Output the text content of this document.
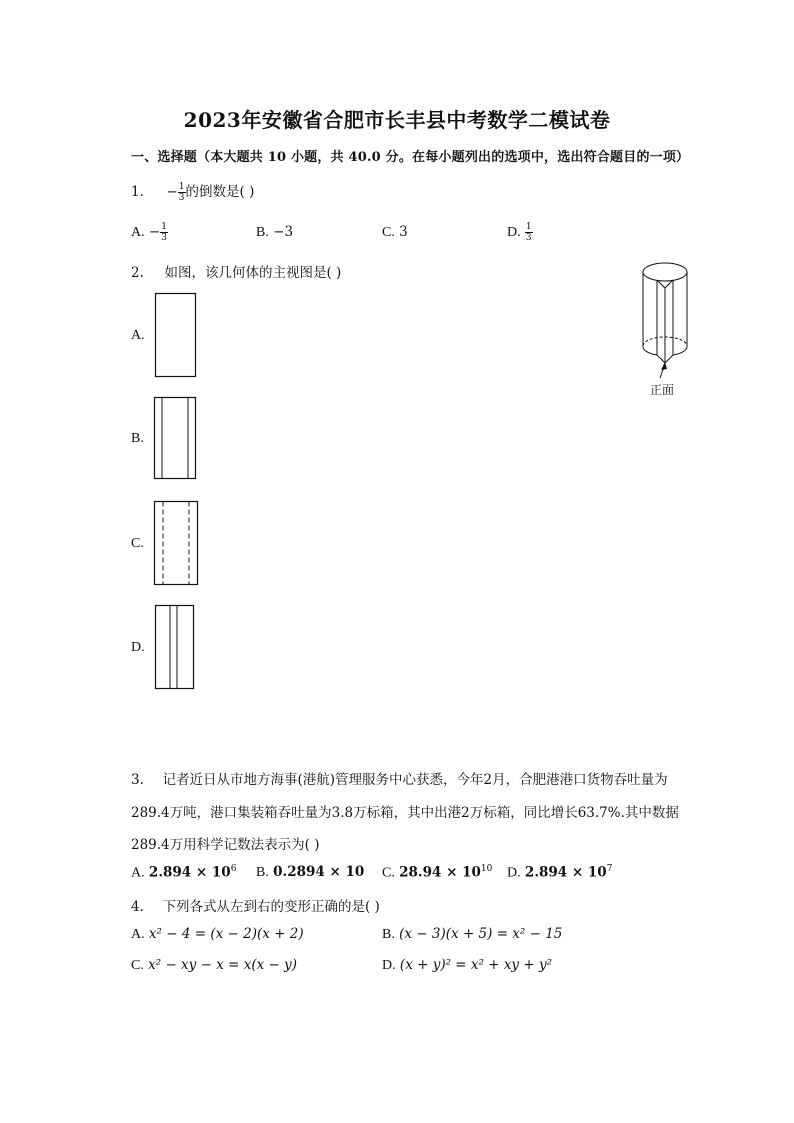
2023年安徽省合肥市长丰县中考数学二模试卷
一、选择题（本大题共 10 小题，共 40.0 分。在每小题列出的选项中，选出符合题目的一项）
1. − $\frac{1}{3}$ 的倒数是( )
A. − $\frac{1}{3}$	B. −3	C. 3	D. $\frac{1}{3}$
2. 如图，该几何体的主视图是( )
正面
A.
B.
C.
D.
3. 记者近日从市地方海事(港航)管理服务中心获悉，今年2月，合肥港港口货物吞吐量为
289.4万吨，港口集装箱吞吐量为3.8万标箱，其中出港2万标箱，同比增长63.7%.其中数据
289.4万用科学记数法表示为( )
A. $2.894 \times 10^6$ B. 0.2894 × 10 C. $28.94 \times 10^{10}$ D. $2.894 \times 10^7$
4. 下列各式从左到右的变形正确的是( )
A. x² − 4 = (x − 2)(x + 2)	B. (x − 3)(x + 5) = x² − 15
C. x² − xy − x = x(x − y)	D. (x + y)² = x² + xy + y²
